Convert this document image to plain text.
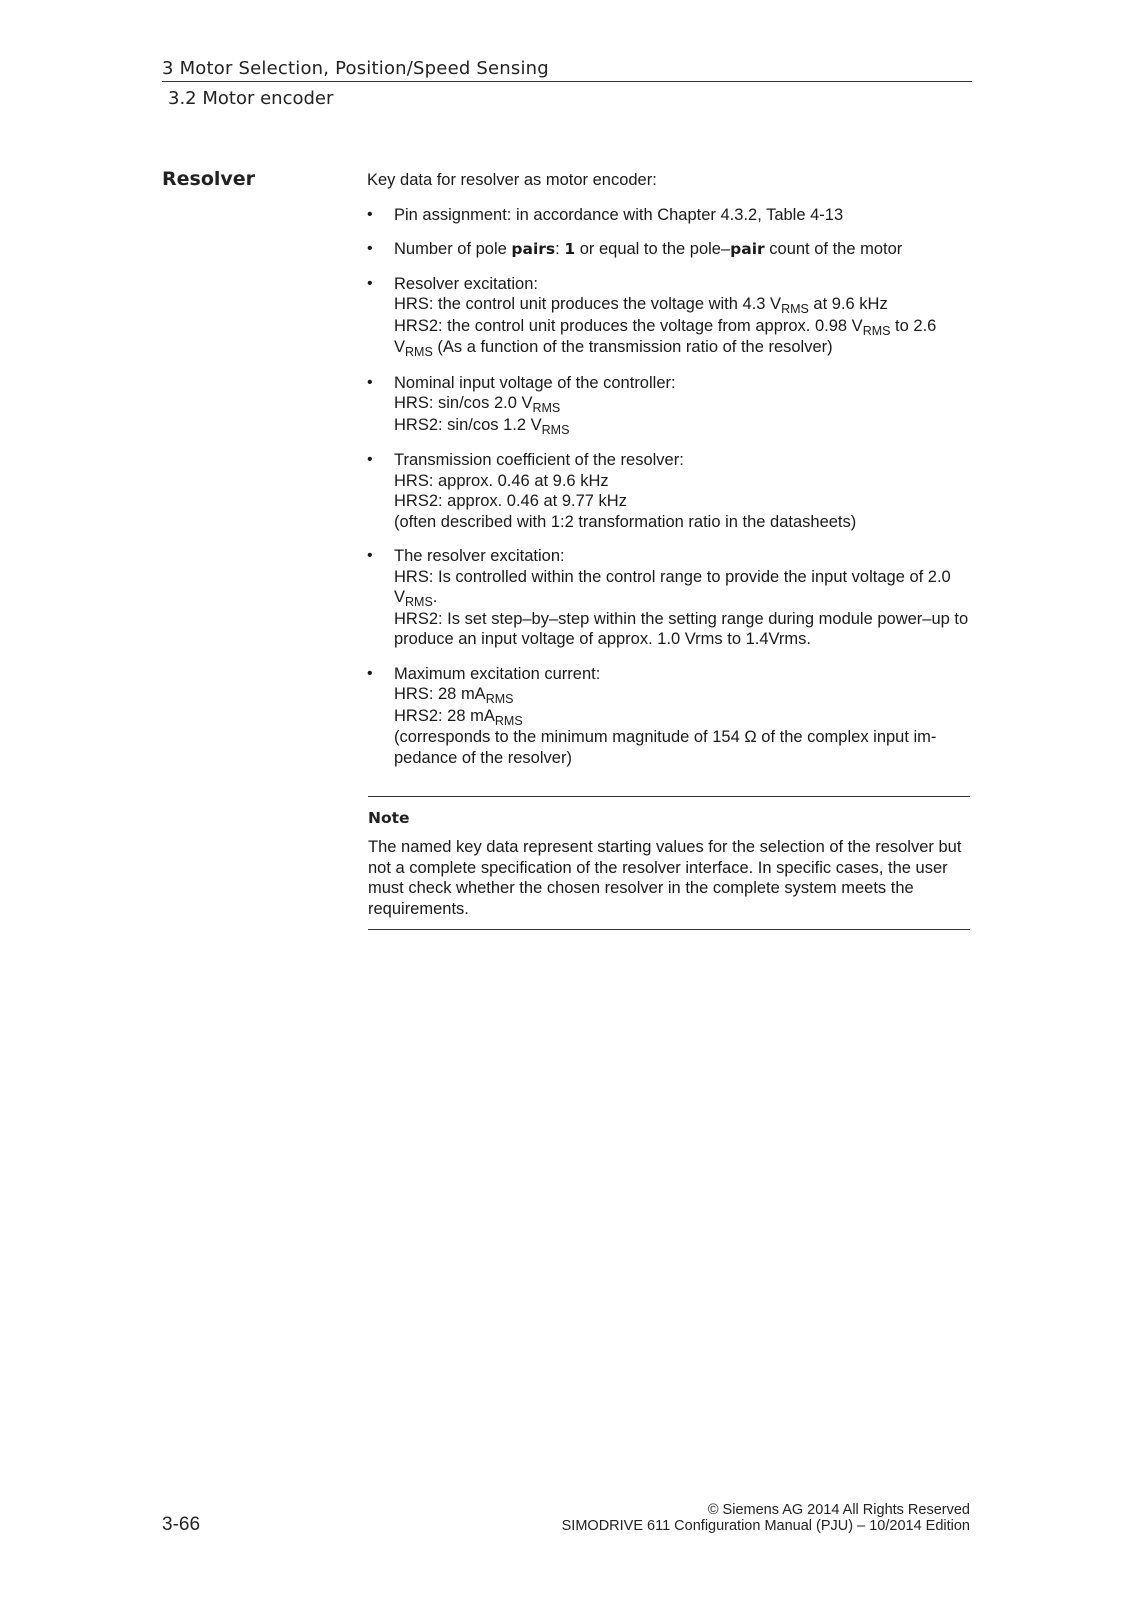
3 Motor Selection, Position/Speed Sensing
3.2 Motor encoder
Resolver	Key data for resolver as motor encoder:

• Pin assignment: in accordance with Chapter 4.3.2, Table 4-13
• Number of pole pairs: 1 or equal to the pole–pair count of the motor
• Resolver excitation:
HRS: the control unit produces the voltage with 4.3 $V_{RMS}$ at 9.6 kHz
HRS2: the control unit produces the voltage from approx. 0.98 $V_{RMS}$ to 2.6
$V_{RMS}$ (As a function of the transmission ratio of the resolver)
• Nominal input voltage of the controller:
HRS: sin/cos 2.0 $V_{RMS}$
HRS2: sin/cos 1.2 $V_{RMS}$
• Transmission coefficient of the resolver:
HRS: approx. 0.46 at 9.6 kHz
HRS2: approx. 0.46 at 9.77 kHz
(often described with 1:2 transformation ratio in the datasheets)
• The resolver excitation:
HRS: Is controlled within the control range to provide the input voltage of 2.0
$V_{RMS}$.
HRS2: Is set step–by–step within the setting range during module power–up to produce an input voltage of approx. 1.0 Vrms to 1.4Vrms.
• Maximum excitation current:
HRS: 28 $mA_{RMS}$
HRS2: 28 $mA_{RMS}$
(corresponds to the minimum magnitude of 154 Ω of the complex input im-pedance of the resolver)
Note
The named key data represent starting values for the selection of the resolver but not a complete specification of the resolver interface. In specific cases, the user must check whether the chosen resolver in the complete system meets the requirements.
3-66
© Siemens AG 2014 All Rights Reserved
SIMODRIVE 611 Configuration Manual (PJU) – 10/2014 Edition
